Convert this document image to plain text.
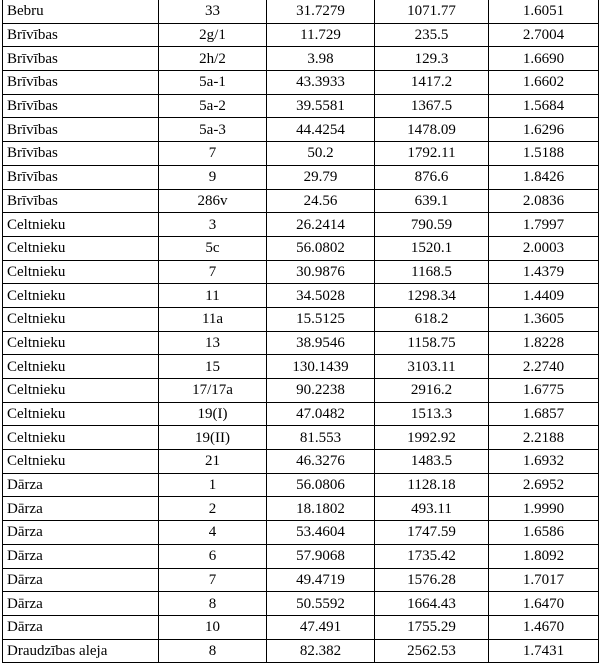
Bebru	33	31.7279	1071.77	1.6051
Brīvības	2g/1	11.729	235.5	2.7004
Brīvības	2h/2	3.98	129.3	1.6690
Brīvības	5a-1	43.3933	1417.2	1.6602
Brīvības	5a-2	39.5581	1367.5	1.5684
Brīvības	5a-3	44.4254	1478.09	1.6296
Brīvības	7	50.2	1792.11	1.5188
Brīvības	9	29.79	876.6	1.8426
Brīvības	286v	24.56	639.1	2.0836
Celtnieku	3	26.2414	790.59	1.7997
Celtnieku	5c	56.0802	1520.1	2.0003
Celtnieku	7	30.9876	1168.5	1.4379
Celtnieku	11	34.5028	1298.34	1.4409
Celtnieku	11a	15.5125	618.2	1.3605
Celtnieku	13	38.9546	1158.75	1.8228
Celtnieku	15	130.1439	3103.11	2.2740
Celtnieku	17/17a	90.2238	2916.2	1.6775
Celtnieku	19(I)	47.0482	1513.3	1.6857
Celtnieku	19(II)	81.553	1992.92	2.2188
Celtnieku	21	46.3276	1483.5	1.6932
Dārza	1	56.0806	1128.18	2.6952
Dārza	2	18.1802	493.11	1.9990
Dārza	4	53.4604	1747.59	1.6586
Dārza	6	57.9068	1735.42	1.8092
Dārza	7	49.4719	1576.28	1.7017
Dārza	8	50.5592	1664.43	1.6470
Dārza	10	47.491	1755.29	1.4670
Draudzības aleja	8	82.382	2562.53	1.7431
